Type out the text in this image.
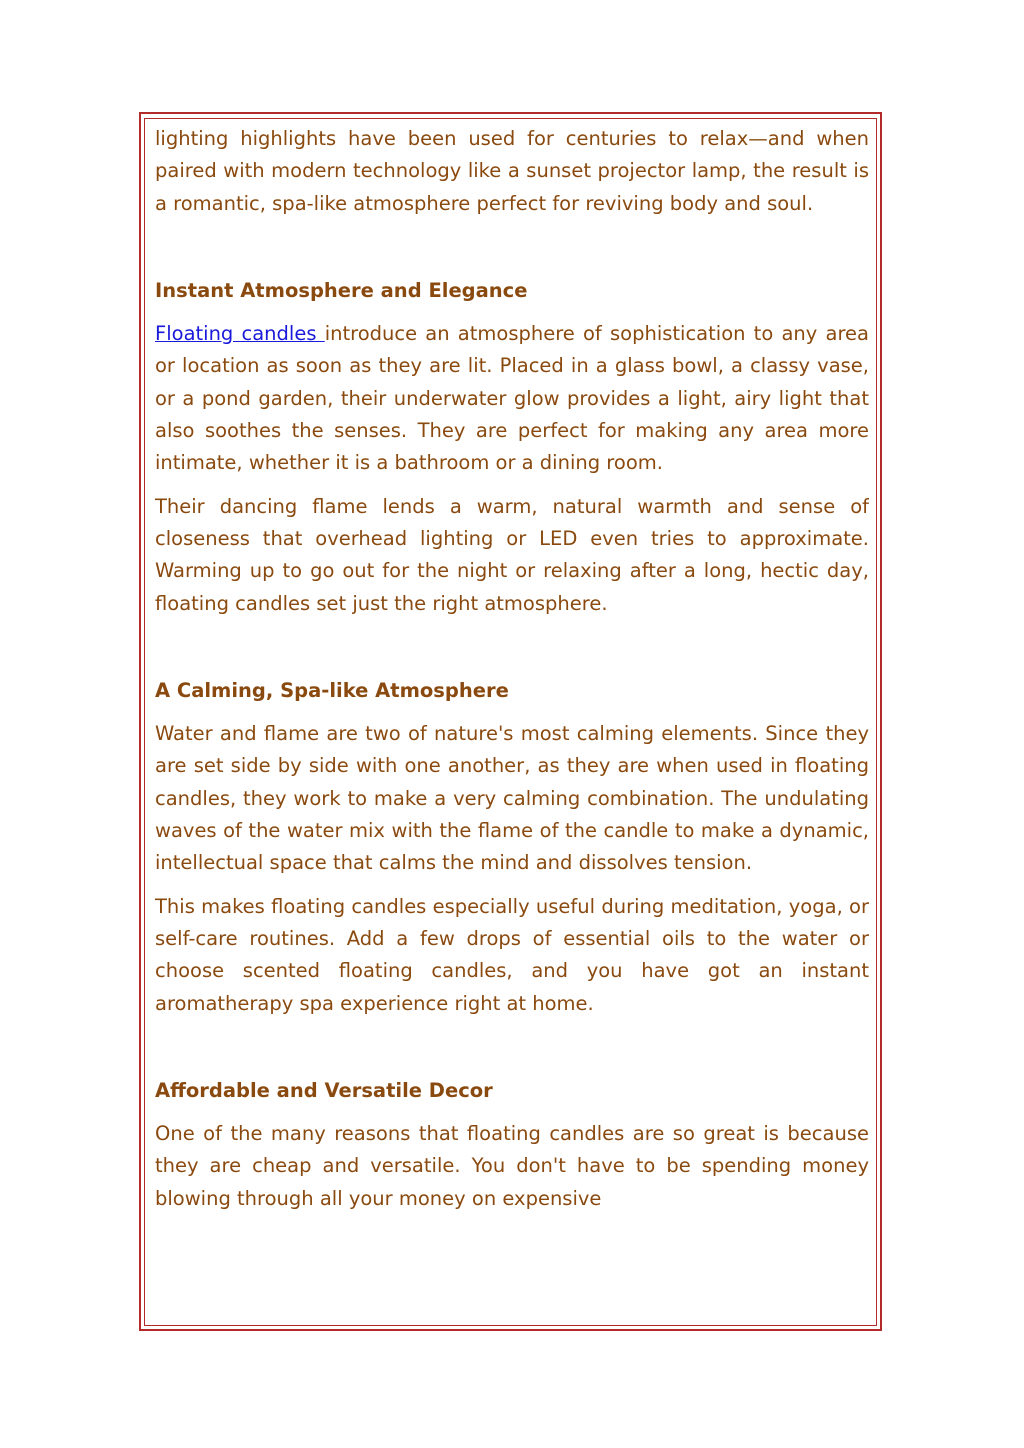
lighting highlights have been used for centuries to relax—and when paired with modern technology like a sunset projector lamp, the result is a romantic, spa-like atmosphere perfect for reviving body and soul.

Instant Atmosphere and Elegance

Floating candles introduce an atmosphere of sophistication to any area or location as soon as they are lit. Placed in a glass bowl, a classy vase, or a pond garden, their underwater glow provides a light, airy light that also soothes the senses. They are perfect for making any area more intimate, whether it is a bathroom or a dining room.

Their dancing flame lends a warm, natural warmth and sense of closeness that overhead lighting or LED even tries to approximate. Warming up to go out for the night or relaxing after a long, hectic day, floating candles set just the right atmosphere.

A Calming, Spa-like Atmosphere

Water and flame are two of nature's most calming elements. Since they are set side by side with one another, as they are when used in floating candles, they work to make a very calming combination. The undulating waves of the water mix with the flame of the candle to make a dynamic, intellectual space that calms the mind and dissolves tension.

This makes floating candles especially useful during meditation, yoga, or self-care routines. Add a few drops of essential oils to the water or choose scented floating candles, and you have got an instant aromatherapy spa experience right at home.

Affordable and Versatile Decor

One of the many reasons that floating candles are so great is because they are cheap and versatile. You don't have to be spending money blowing through all your money on expensive
